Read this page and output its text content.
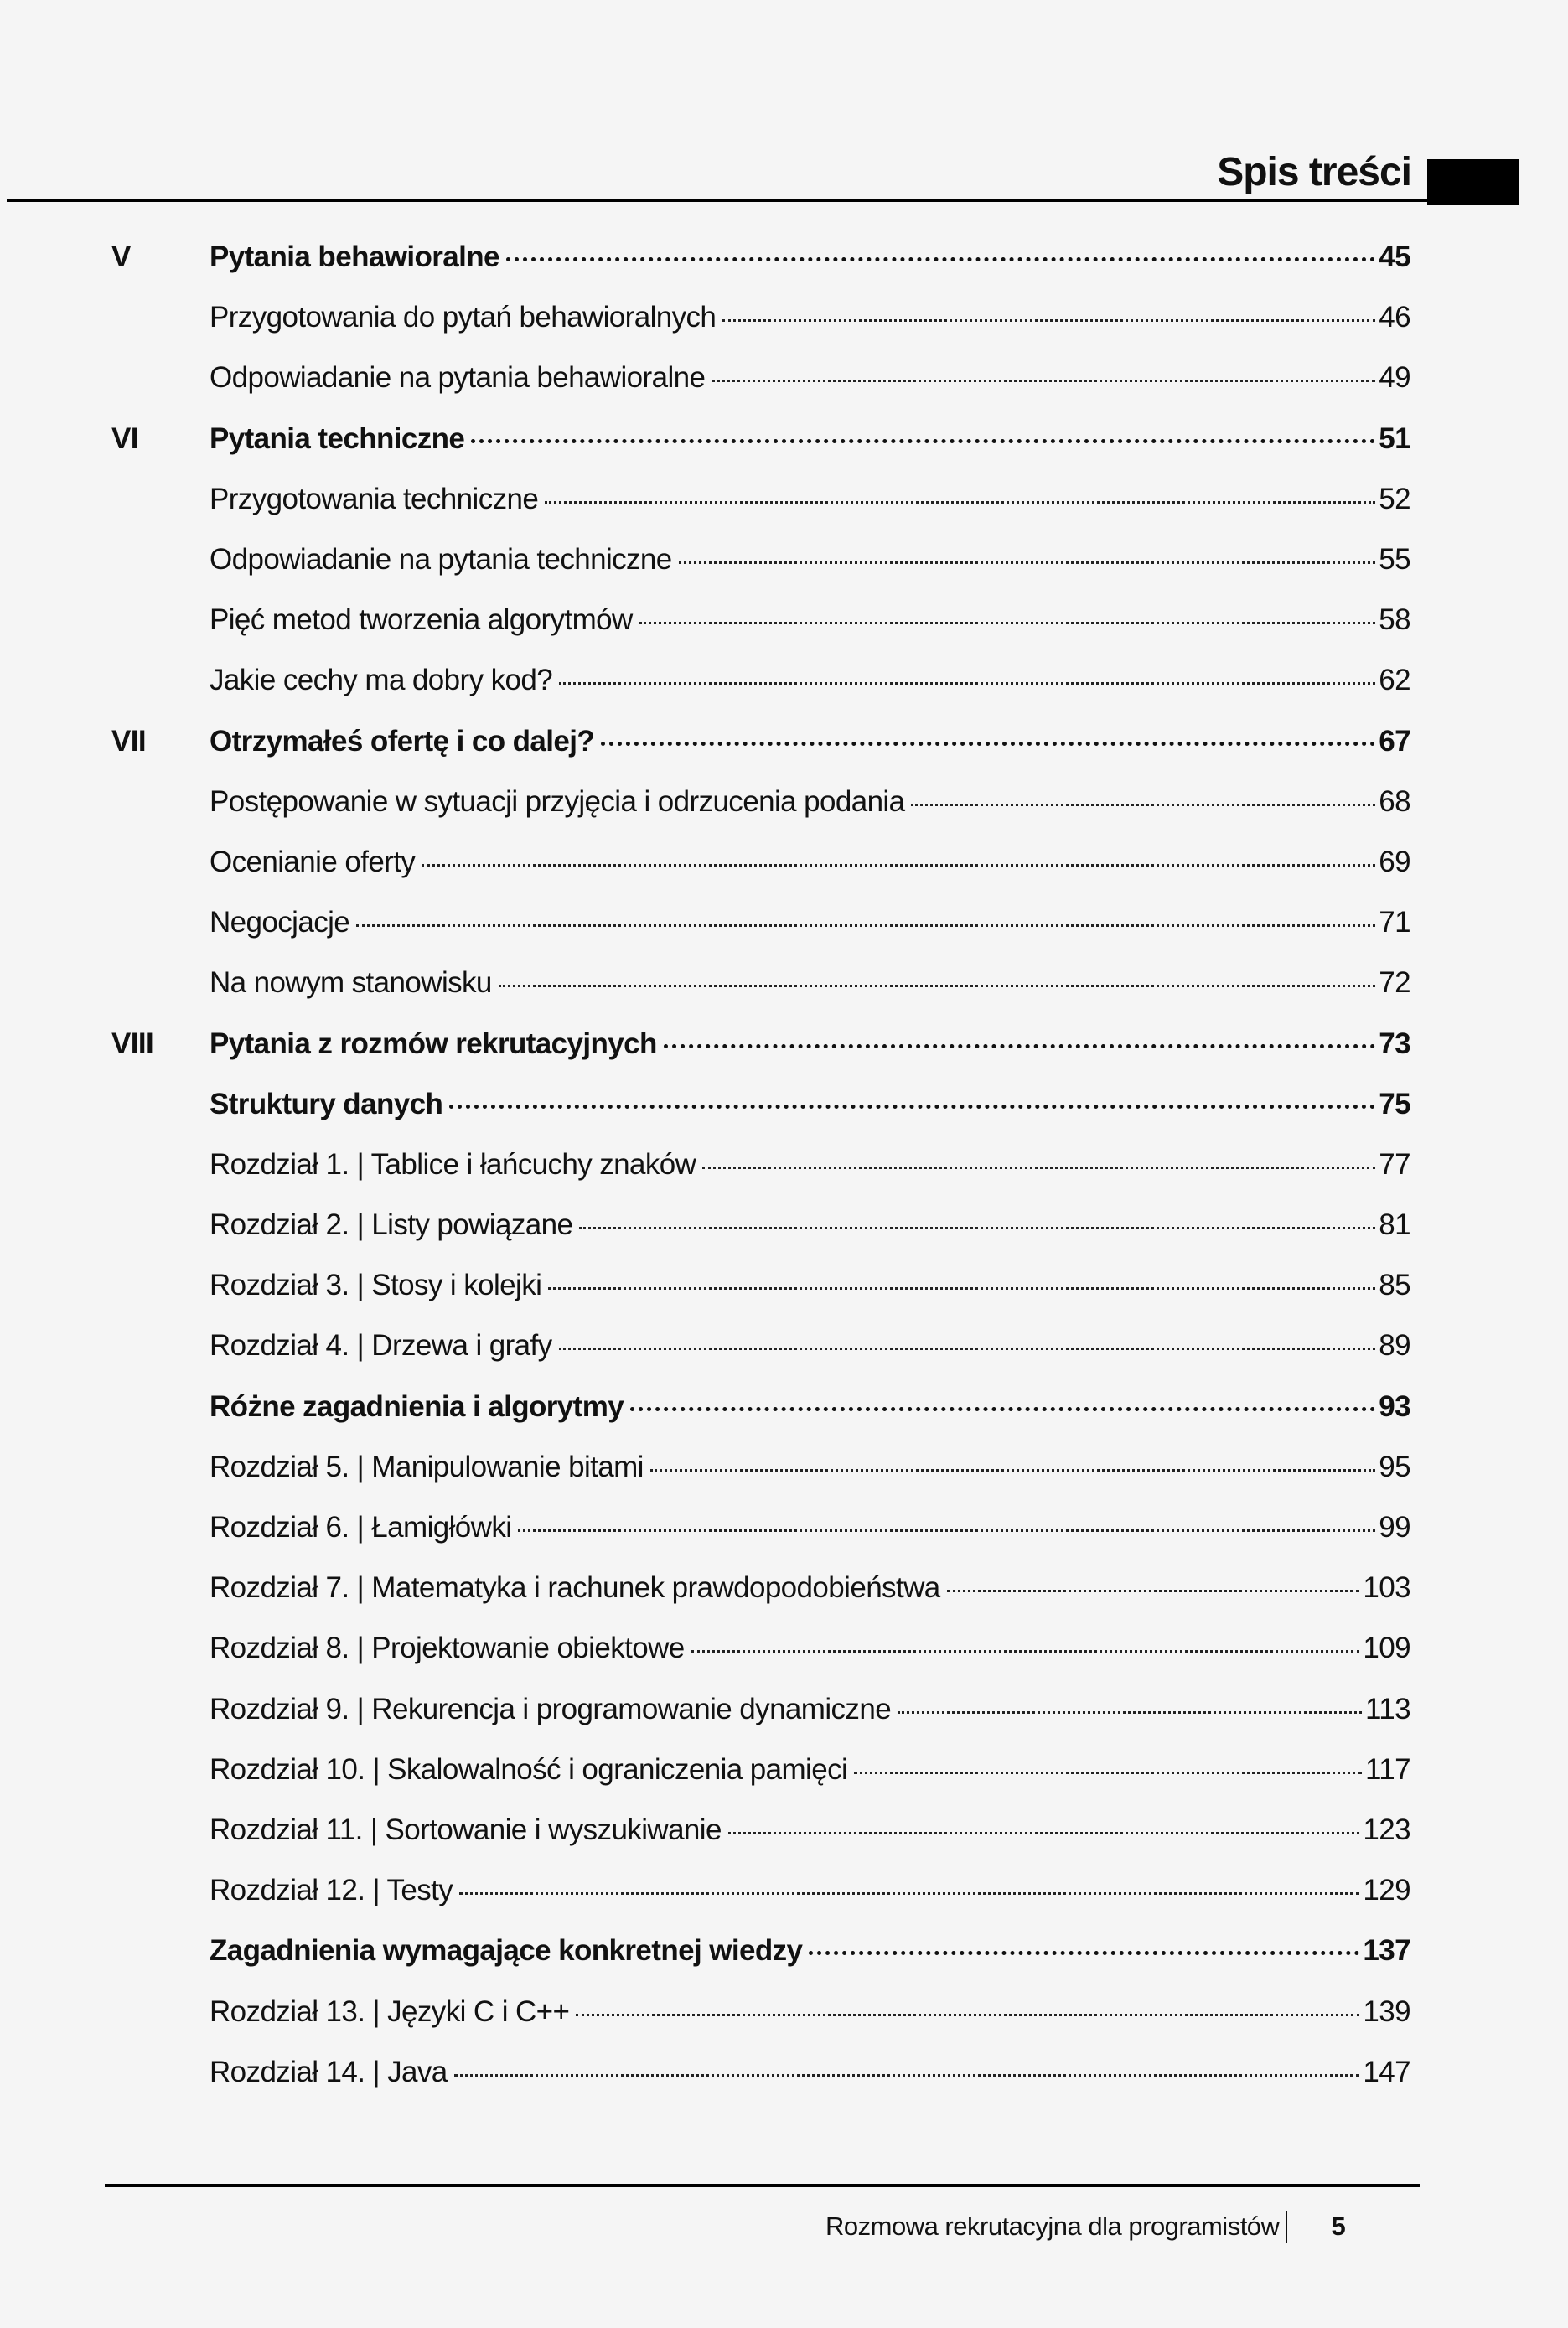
Spis treści
V	Pytania behawioralne	45
Przygotowania do pytań behawioralnych	46
Odpowiadanie na pytania behawioralne	49
VI Pytania techniczne	51
Przygotowania techniczne	52
Odpowiadanie na pytania techniczne	55
Pięć metod tworzenia algorytmów	58
Jakie cechy ma dobry kod?	62
VII Otrzymałeś ofertę i co dalej?	67
Postępowanie w sytuacji przyjęcia i odrzucenia podania	68
Ocenianie oferty	69
Negocjacje	71
Na nowym stanowisku	72
VIII Pytania z rozmów rekrutacyjnych	73
Struktury danych	75
Rozdział 1. | Tablice i łańcuchy znaków	77
Rozdział 2. | Listy powiązane	81
Rozdział 3. | Stosy i kolejki	85
Rozdział 4. | Drzewa i grafy	89
Różne zagadnienia i algorytmy	93
Rozdział 5. | Manipulowanie bitami	95
Rozdział 6. | Łamigłówki	99
Rozdział 7. | Matematyka i rachunek prawdopodobieństwa	103
Rozdział 8. | Projektowanie obiektowe	109
Rozdział 9. | Rekurencja i programowanie dynamiczne	113
Rozdział 10. | Skalowalność i ograniczenia pamięci	117
Rozdział 11. | Sortowanie i wyszukiwanie	123
Rozdział 12. | Testy	129
Zagadnienia wymagające konkretnej wiedzy	137
Rozdział 13. | Języki C i C++	139
Rozdział 14. | Java	147
Rozmowa rekrutacyjna dla programistów 5
